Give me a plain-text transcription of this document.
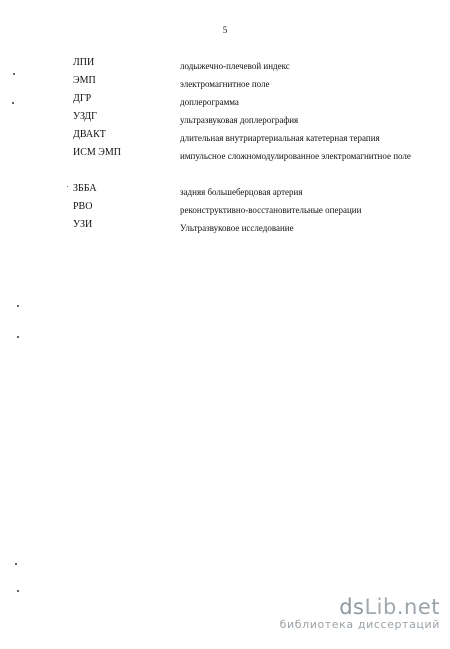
5
ЛПИ	лодыжечно-плечевой индекс
ЭМП	электромагнитное поле
ДГР	доплерограмма
УЗДГ	ультразвуковая доплерография
ДВАКТ	длительная внутриартериальная катетерная терапия
ИСМ ЭМП	импульсное сложномодулированное электромагнитное поле
ЗББА	задняя большеберцовая артерия
РВО	реконструктивно-восстановительные операции
УЗИ	Ультразвуковое исследование
dsLib.net
библиотека диссертаций
